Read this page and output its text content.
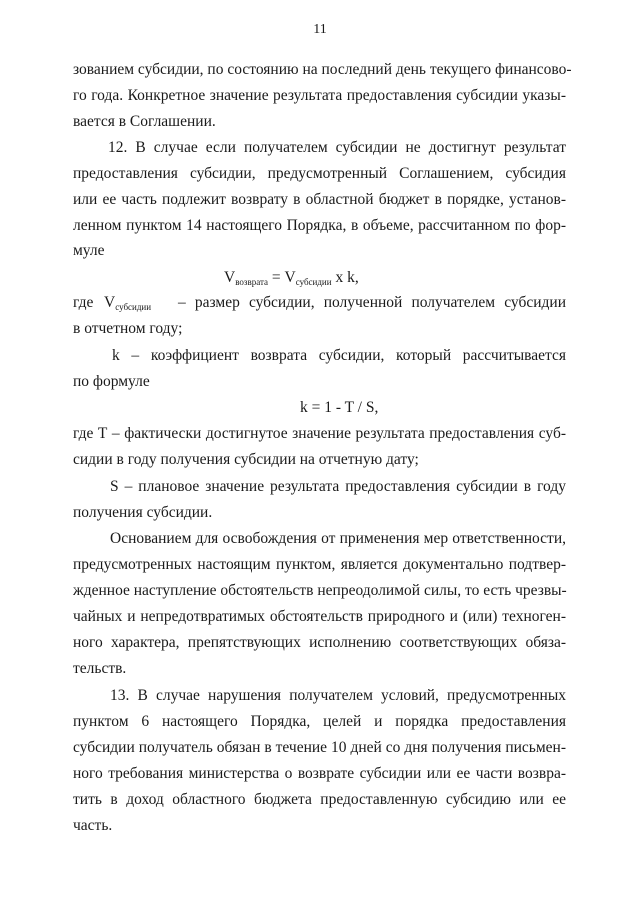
11
зованием субсидии, по состоянию на последний день текущего финансово-
го года. Конкретное значение результата предоставления субсидии указы-
вается в Соглашении.
12. В случае если получателем субсидии не достигнут результат
предоставления субсидии, предусмотренный Соглашением, субсидия
или ее часть подлежит возврату в областной бюджет в порядке, установ-
ленном пунктом 14 настоящего Порядка, в объеме, рассчитанном по фор-
муле
$V_{возврата} = V_{субсидии}$ x k,
где $V_{субсидии}$ – размер субсидии, полученной получателем субсидии
в отчетном году;
k – коэффициент возврата субсидии, который рассчитывается
по формуле
k = 1 - T / S,
где Т – фактически достигнутое значение результата предоставления суб-
сидии в году получения субсидии на отчетную дату;
S – плановое значение результата предоставления субсидии в году
получения субсидии.
Основанием для освобождения от применения мер ответственности,
предусмотренных настоящим пунктом, является документально подтвер-
жденное наступление обстоятельств непреодолимой силы, то есть чрезвы-
чайных и непредотвратимых обстоятельств природного и (или) техноген-
ного характера, препятствующих исполнению соответствующих обяза-
тельств.
13. В случае нарушения получателем условий, предусмотренных
пунктом 6 настоящего Порядка, целей и порядка предоставления
субсидии получатель обязан в течение 10 дней со дня получения письмен-
ного требования министерства о возврате субсидии или ее части возвра-
тить в доход областного бюджета предоставленную субсидию или ее
часть.
